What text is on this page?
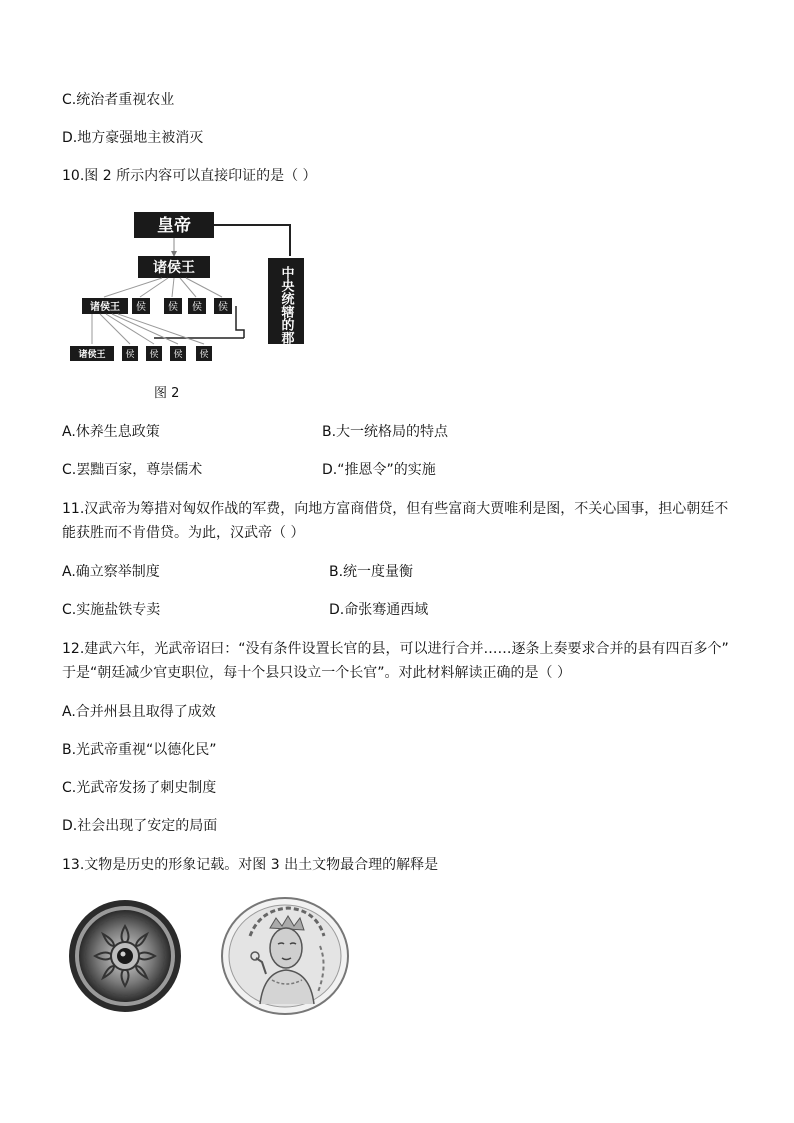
C.统治者重视农业
D.地方豪强地主被消灭
10.图 2 所示内容可以直接印证的是（ ）
皇帝
诸侯王
诸侯王 侯 侯 侯 侯
诸侯王 侯 侯 侯 侯
中央统辖的郡
图 2
A.休养生息政策	B.大一统格局的特点
C.罢黜百家，尊崇儒术	D.“推恩令”的实施
11.汉武帝为筹措对匈奴作战的军费，向地方富商借贷，但有些富商大贾唯利是图，不关心国事，担心朝廷不
能获胜而不肯借贷。为此，汉武帝（ ）
A.确立察举制度	B.统一度量衡
C.实施盐铁专卖	D.命张骞通西域
12.建武六年，光武帝诏曰：“没有条件设置长官的县，可以进行合并……逐条上奏要求合并的县有四百多个”
于是“朝廷减少官吏职位，每十个县只设立一个长官”。对此材料解读正确的是（ ）
A.合并州县且取得了成效
B.光武帝重视“以德化民”
C.光武帝发扬了刺史制度
D.社会出现了安定的局面
13.文物是历史的形象记载。对图 3 出土文物最合理的解释是
